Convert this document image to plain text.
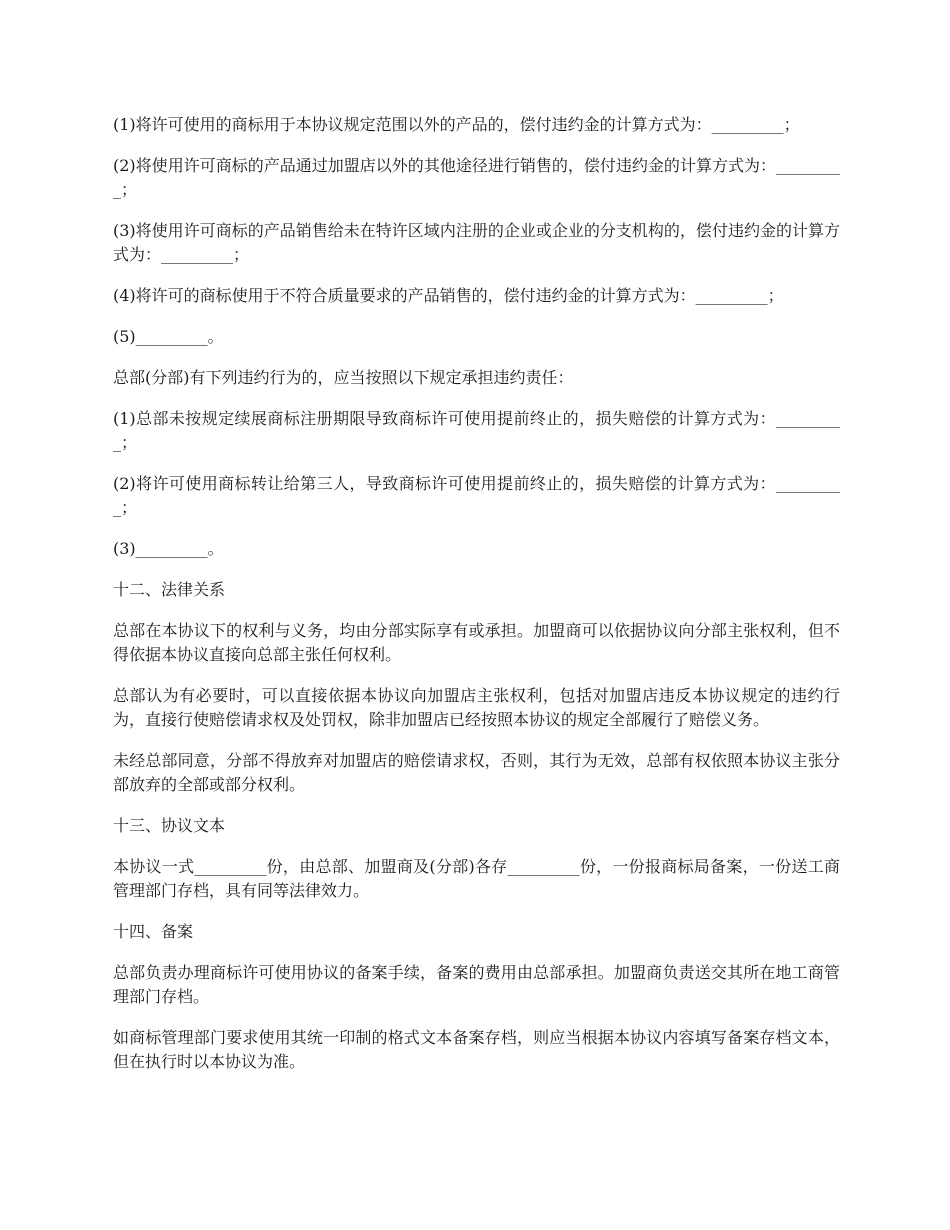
(1)将许可使用的商标用于本协议规定范围以外的产品的，偿付违约金的计算方式为：_________；

(2)将使用许可商标的产品通过加盟店以外的其他途径进行销售的，偿付违约金的计算方式为：_________；

(3)将使用许可商标的产品销售给未在特许区域内注册的企业或企业的分支机构的，偿付违约金的计算方式为：_________；

(4)将许可的商标使用于不符合质量要求的产品销售的，偿付违约金的计算方式为：_________；

(5)_________。

总部(分部)有下列违约行为的，应当按照以下规定承担违约责任：

(1)总部未按规定续展商标注册期限导致商标许可使用提前终止的，损失赔偿的计算方式为：_________；

(2)将许可使用商标转让给第三人，导致商标许可使用提前终止的，损失赔偿的计算方式为：_________；

(3)_________。

十二、法律关系

总部在本协议下的权利与义务，均由分部实际享有或承担。加盟商可以依据协议向分部主张权利，但不得依据本协议直接向总部主张任何权利。

总部认为有必要时，可以直接依据本协议向加盟店主张权利，包括对加盟店违反本协议规定的违约行为，直接行使赔偿请求权及处罚权，除非加盟店已经按照本协议的规定全部履行了赔偿义务。

未经总部同意，分部不得放弃对加盟店的赔偿请求权，否则，其行为无效，总部有权依照本协议主张分部放弃的全部或部分权利。

十三、协议文本

本协议一式_________份，由总部、加盟商及(分部)各存_________份，一份报商标局备案，一份送工商管理部门存档，具有同等法律效力。

十四、备案

总部负责办理商标许可使用协议的备案手续，备案的费用由总部承担。加盟商负责送交其所在地工商管理部门存档。

如商标管理部门要求使用其统一印制的格式文本备案存档，则应当根据本协议内容填写备案存档文本，但在执行时以本协议为准。
